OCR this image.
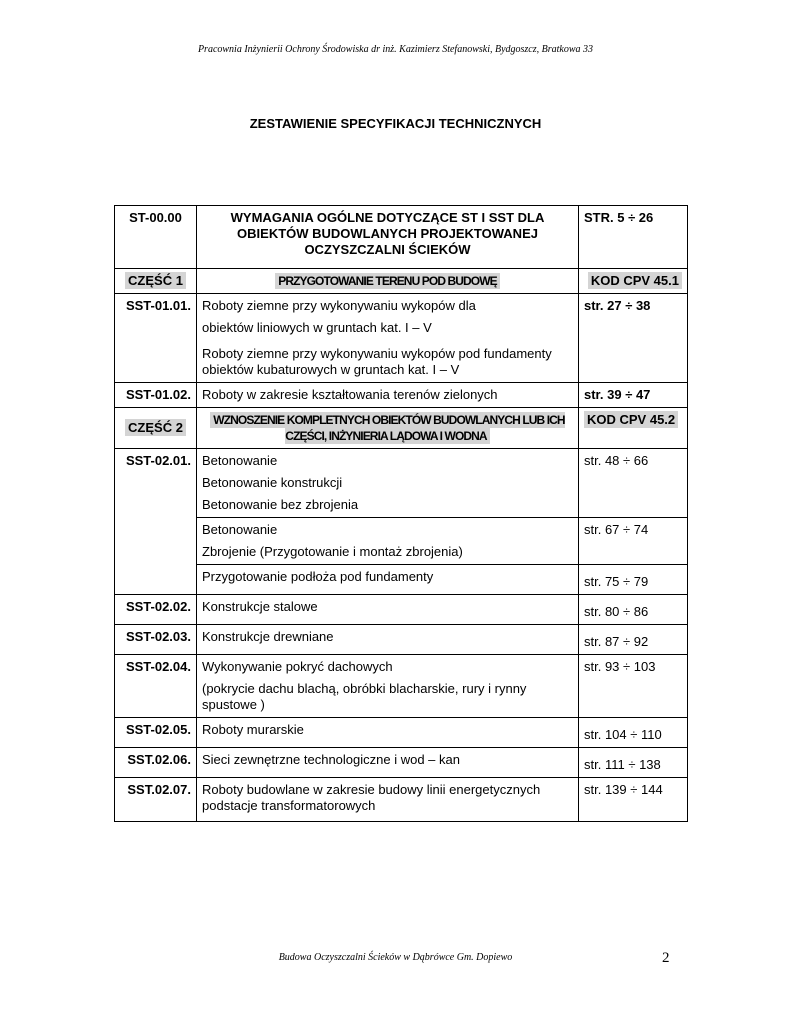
Pracownia Inżynierii Ochrony Środowiska dr inż. Kazimierz Stefanowski, Bydgoszcz, Bratkowa 33
ZESTAWIENIE SPECYFIKACJI TECHNICZNYCH
ST-00.00	WYMAGANIA OGÓLNE DOTYCZĄCE ST I SST DLA OBIEKTÓW BUDOWLANYCH PROJEKTOWANEJ OCZYSZCZALNI ŚCIEKÓW	STR. 5 ÷ 26
CZĘŚĆ 1	PRZYGOTOWANIE TERENU POD BUDOWĘ	KOD CPV 45.1
SST-01.01.	Roboty ziemne przy wykonywaniu wykopów dla

obiektów liniowych w gruntach kat. I – V

Roboty ziemne przy wykonywaniu wykopów pod fundamenty obiektów kubaturowych w gruntach kat. I – V	str. 27 ÷ 38
SST-01.02.	Roboty w zakresie kształtowania terenów zielonych	str. 39 ÷ 47
CZĘŚĆ 2	WZNOSZENIE KOMPLETNYCH OBIEKTÓW BUDOWLANYCH LUB ICH CZĘŚCI, INŻYNIERIA LĄDOWA I WODNA	KOD CPV 45.2
SST-02.01.	Betonowanie

Betonowanie konstrukcji

Betonowanie bez zbrojenia	str. 48 ÷ 66

	Betonowanie

Zbrojenie (Przygotowanie i montaż zbrojenia)	str. 67 ÷ 74
	Przygotowanie podłoża pod fundamenty	str. 75 ÷ 79
SST-02.02.	Konstrukcje stalowe	str. 80 ÷ 86
SST-02.03.	Konstrukcje drewniane	str. 87 ÷ 92
SST-02.04.	Wykonywanie pokryć dachowych

(pokrycie dachu blachą, obróbki blacharskie, rury i rynny spustowe )	str. 93 ÷ 103
SST-02.05.	Roboty murarskie	str. 104 ÷ 110
SST.02.06.	Sieci zewnętrzne technologiczne i wod – kan	str. 111 ÷ 138
SST.02.07.	Roboty budowlane w zakresie budowy linii energetycznych podstacje transformatorowych	str. 139 ÷ 144
Budowa Oczyszczalni Ścieków w Dąbrówce Gm. Dopiewo	2
